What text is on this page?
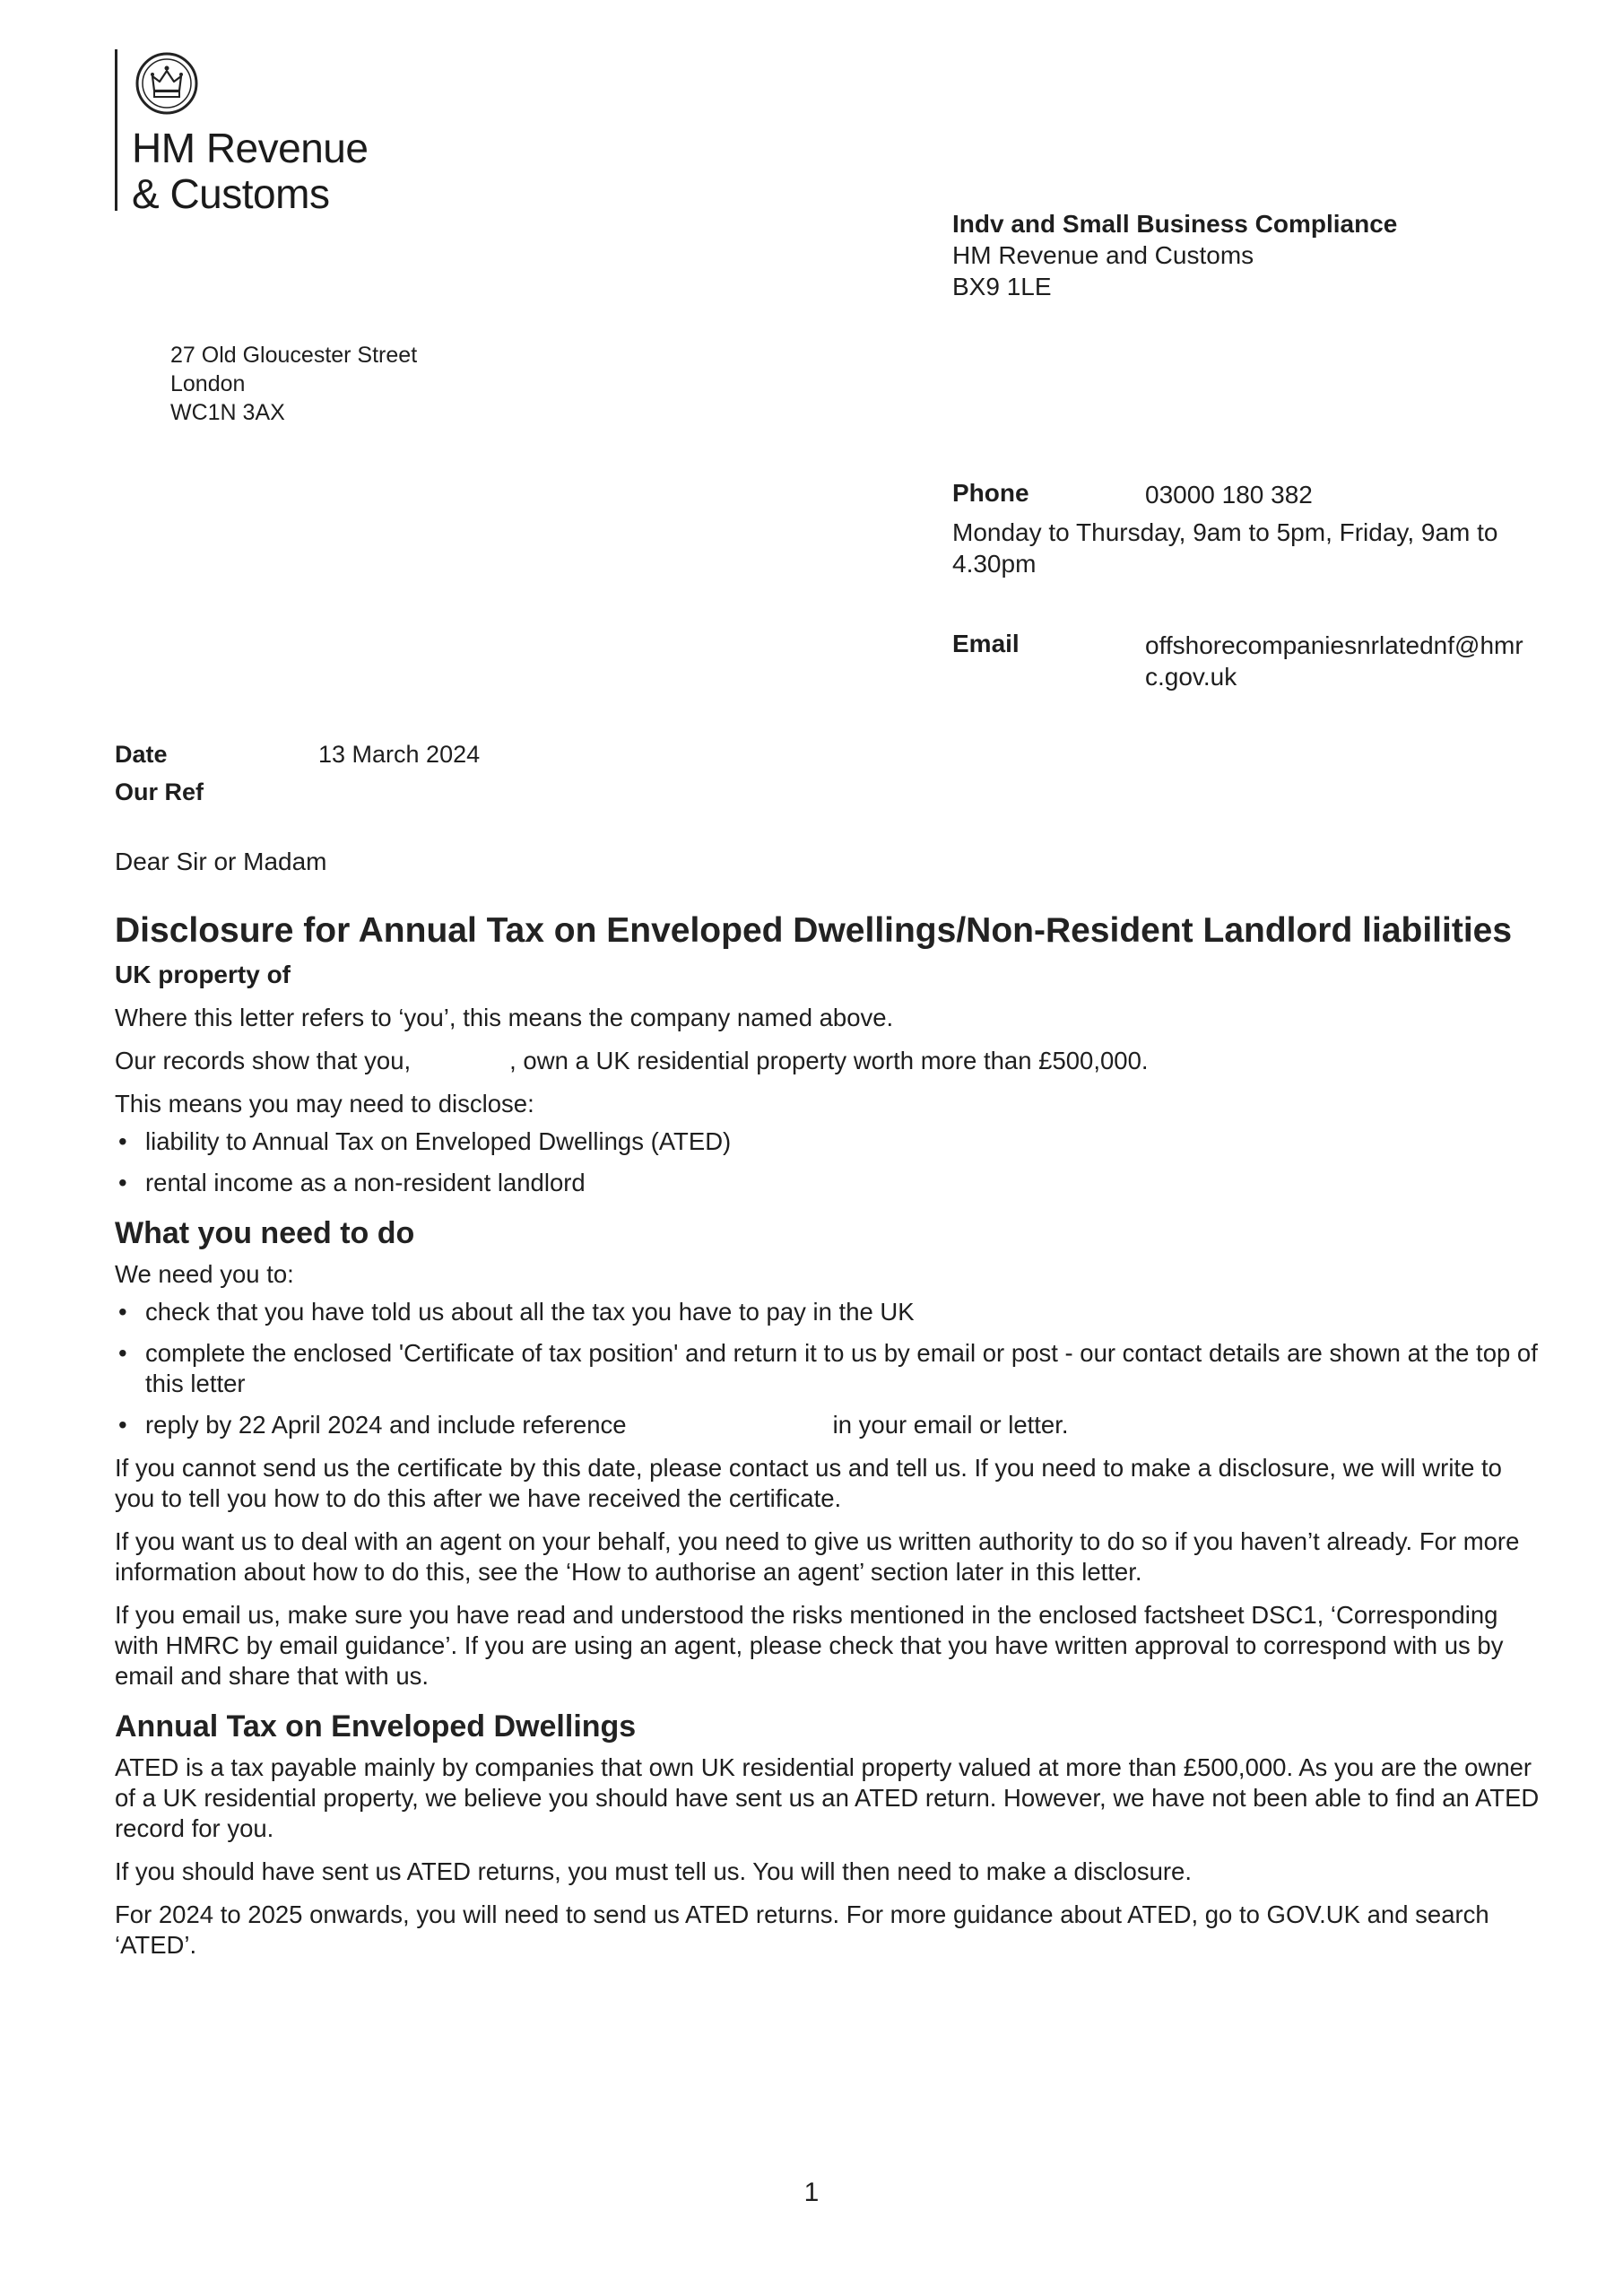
HM Revenue
& Customs
Indv and Small Business Compliance
HM Revenue and Customs
BX9 1LE
27 Old Gloucester Street
London
WC1N 3AX
Phone	03000 180 382
Monday to Thursday, 9am to 5pm, Friday, 9am to 4.30pm
Email	offshorecompaniesnrlatednf@hmrc.gov.uk
Date	13 March 2024
Our Ref
Dear Sir or Madam
Disclosure for Annual Tax on Enveloped Dwellings/Non-Resident Landlord liabilities
UK property of

Where this letter refers to ‘you’, this means the company named above.

Our records show that you,	, own a UK residential property worth more than £500,000.

This means you may need to disclose:

• liability to Annual Tax on Enveloped Dwellings (ATED)
• rental income as a non-resident landlord
What you need to do

We need you to:

• check that you have told us about all the tax you have to pay in the UK
• complete the enclosed 'Certificate of tax position' and return it to us by email or post - our contact details are shown at the top of this letter
• reply by 22 April 2024 and include reference	in your email or letter.

If you cannot send us the certificate by this date, please contact us and tell us. If you need to make a disclosure, we will write to you to tell you how to do this after we have received the certificate.

If you want us to deal with an agent on your behalf, you need to give us written authority to do so if you haven’t already. For more information about how to do this, see the ‘How to authorise an agent’ section later in this letter.

If you email us, make sure you have read and understood the risks mentioned in the enclosed factsheet DSC1, ‘Corresponding with HMRC by email guidance’. If you are using an agent, please check that you have written approval to correspond with us by email and share that with us.

Annual Tax on Enveloped Dwellings

ATED is a tax payable mainly by companies that own UK residential property valued at more than £500,000. As you are the owner of a UK residential property, we believe you should have sent us an ATED return. However, we have not been able to find an ATED record for you.

If you should have sent us ATED returns, you must tell us. You will then need to make a disclosure.

For 2024 to 2025 onwards, you will need to send us ATED returns. For more guidance about ATED, go to GOV.UK and search ‘ATED’.

1
